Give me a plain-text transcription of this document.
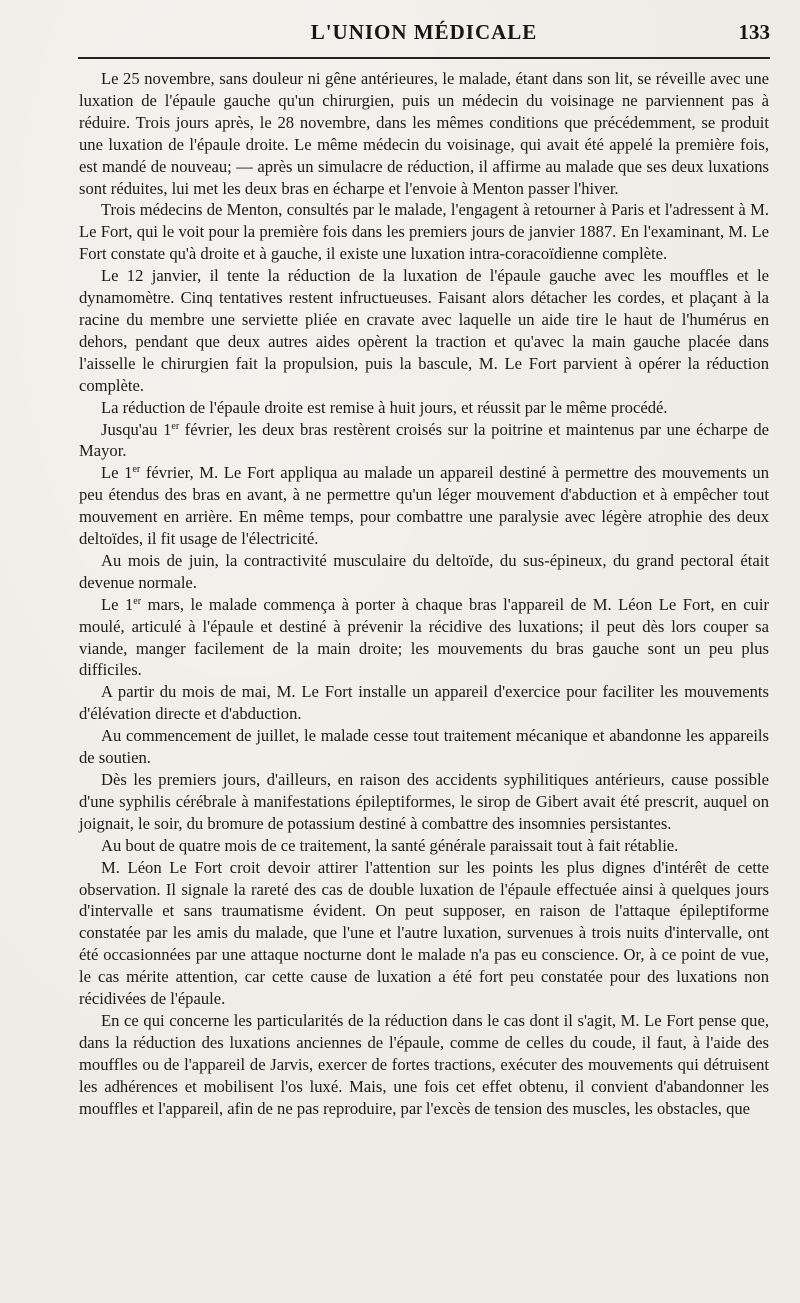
L'UNION MÉDICALE	133

Le 25 novembre, sans douleur ni gêne antérieures, le malade, étant dans son lit, se réveille avec une luxation de l'épaule gauche qu'un chirurgien, puis un médecin du voisinage ne parviennent pas à réduire. Trois jours après, le 28 novembre, dans les mêmes conditions que précédemment, se produit une luxation de l'épaule droite. Le même médecin du voisinage, qui avait été appelé la première fois, est mandé de nouveau; — après un simulacre de réduction, il affirme au malade que ses deux luxations sont réduites, lui met les deux bras en écharpe et l'envoie à Menton passer l'hiver.

Trois médecins de Menton, consultés par le malade, l'engagent à retourner à Paris et l'adressent à M. Le Fort, qui le voit pour la première fois dans les premiers jours de janvier 1887. En l'examinant, M. Le Fort constate qu'à droite et à gauche, il existe une luxation intra-coracoïdienne complète.

Le 12 janvier, il tente la réduction de la luxation de l'épaule gauche avec les mouffles et le dynamomètre. Cinq tentatives restent infructueuses. Faisant alors détacher les cordes, et plaçant à la racine du membre une serviette pliée en cravate avec laquelle un aide tire le haut de l'humérus en dehors, pendant que deux autres aides opèrent la traction et qu'avec la main gauche placée dans l'aisselle le chirurgien fait la propulsion, puis la bascule, M. Le Fort parvient à opérer la réduction complète.

La réduction de l'épaule droite est remise à huit jours, et réussit par le même procédé.

Jusqu'au 1er février, les deux bras restèrent croisés sur la poitrine et maintenus par une écharpe de Mayor.

Le 1er février, M. Le Fort appliqua au malade un appareil destiné à permettre des mouvements un peu étendus des bras en avant, à ne permettre qu'un léger mouvement d'abduction et à empêcher tout mouvement en arrière. En même temps, pour combattre une paralysie avec légère atrophie des deux deltoïdes, il fit usage de l'électricité.

Au mois de juin, la contractivité musculaire du deltoïde, du sus-épineux, du grand pectoral était devenue normale.

Le 1er mars, le malade commença à porter à chaque bras l'appareil de M. Léon Le Fort, en cuir moulé, articulé à l'épaule et destiné à prévenir la récidive des luxations; il peut dès lors couper sa viande, manger facilement de la main droite; les mouvements du bras gauche sont un peu plus difficiles.

A partir du mois de mai, M. Le Fort installe un appareil d'exercice pour faciliter les mouvements d'élévation directe et d'abduction.

Au commencement de juillet, le malade cesse tout traitement mécanique et abandonne les appareils de soutien.

Dès les premiers jours, d'ailleurs, en raison des accidents syphilitiques antérieurs, cause possible d'une syphilis cérébrale à manifestations épileptiformes, le sirop de Gibert avait été prescrit, auquel on joignait, le soir, du bromure de potassium destiné à combattre des insomnies persistantes.

Au bout de quatre mois de ce traitement, la santé générale paraissait tout à fait rétablie.

M. Léon Le Fort croit devoir attirer l'attention sur les points les plus dignes d'intérêt de cette observation. Il signale la rareté des cas de double luxation de l'épaule effectuée ainsi à quelques jours d'intervalle et sans traumatisme évident. On peut supposer, en raison de l'attaque épileptiforme constatée par les amis du malade, que l'une et l'autre luxation, survenues à trois nuits d'intervalle, ont été occasionnées par une attaque nocturne dont le malade n'a pas eu conscience. Or, à ce point de vue, le cas mérite attention, car cette cause de luxation a été fort peu constatée pour des luxations non récidivées de l'épaule.

En ce qui concerne les particularités de la réduction dans le cas dont il s'agit, M. Le Fort pense que, dans la réduction des luxations anciennes de l'épaule, comme de celles du coude, il faut, à l'aide des mouffles ou de l'appareil de Jarvis, exercer de fortes tractions, exécuter des mouvements qui détruisent les adhérences et mobilisent l'os luxé. Mais, une fois cet effet obtenu, il convient d'abandonner les mouffles et l'appareil, afin de ne pas reproduire, par l'excès de tension des muscles, les obstacles, que
